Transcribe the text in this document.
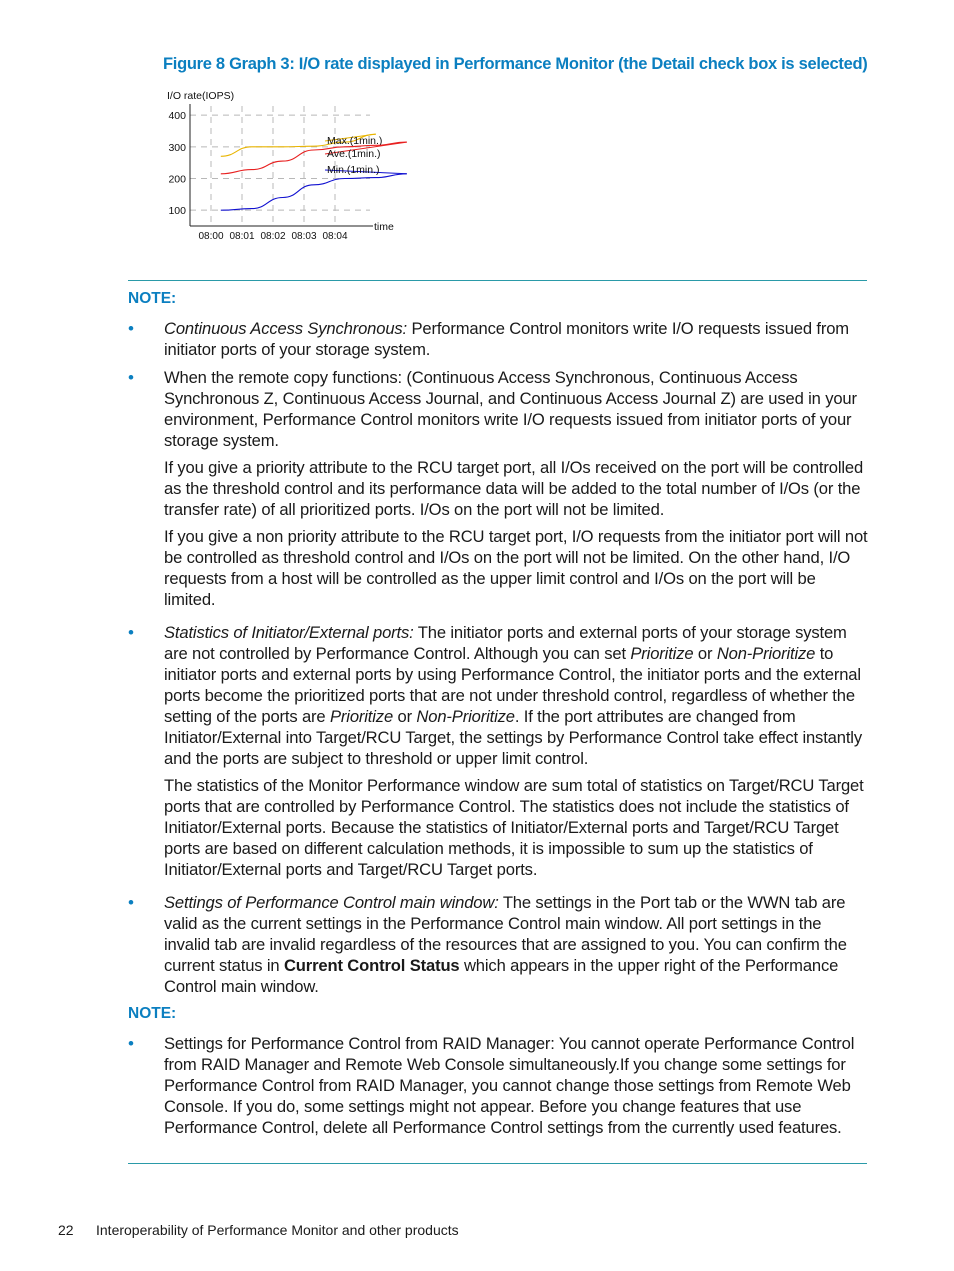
Figure 8 Graph 3: I/O rate displayed in Performance Monitor (the Detail check box is selected)
I/O rate(IOPS)
100
200
300
400
08:00 08:01 08:02 08:03 08:04
time
Max.(1min.)
Ave.(1min.)
Min.(1min.)
NOTE:

• Continuous Access Synchronous: Performance Control monitors write I/O requests issued from initiator ports of your storage system.

• When the remote copy functions: (Continuous Access Synchronous, Continuous Access Synchronous Z, Continuous Access Journal, and Continuous Access Journal Z) are used in your environment, Performance Control monitors write I/O requests issued from initiator ports of your storage system.

If you give a priority attribute to the RCU target port, all I/Os received on the port will be controlled as the threshold control and its performance data will be added to the total number of I/Os (or the transfer rate) of all prioritized ports. I/Os on the port will not be limited.

If you give a non priority attribute to the RCU target port, I/O requests from the initiator port will not be controlled as threshold control and I/Os on the port will not be limited. On the other hand, I/O requests from a host will be controlled as the upper limit control and I/Os on the port will be limited.

• Statistics of Initiator/External ports: The initiator ports and external ports of your storage system are not controlled by Performance Control. Although you can set Prioritize or Non-Prioritize to initiator ports and external ports by using Performance Control, the initiator ports and the external ports become the prioritized ports that are not under threshold control, regardless of whether the setting of the ports are Prioritize or Non-Prioritize. If the port attributes are changed from Initiator/External into Target/RCU Target, the settings by Performance Control take effect instantly and the ports are subject to threshold or upper limit control.

The statistics of the Monitor Performance window are sum total of statistics on Target/RCU Target ports that are controlled by Performance Control. The statistics does not include the statistics of Initiator/External ports. Because the statistics of Initiator/External ports and Target/RCU Target ports are based on different calculation methods, it is impossible to sum up the statistics of Initiator/External ports and Target/RCU Target ports.

• Settings of Performance Control main window: The settings in the Port tab or the WWN tab are valid as the current settings in the Performance Control main window. All port settings in the invalid tab are invalid regardless of the resources that are assigned to you. You can confirm the current status in Current Control Status which appears in the upper right of the Performance Control main window.

NOTE:

• Settings for Performance Control from RAID Manager: You cannot operate Performance Control from RAID Manager and Remote Web Console simultaneously.If you change some settings for Performance Control from RAID Manager, you cannot change those settings from Remote Web Console. If you do, some settings might not appear. Before you change features that use Performance Control, delete all Performance Control settings from the currently used features.

22 Interoperability of Performance Monitor and other products
